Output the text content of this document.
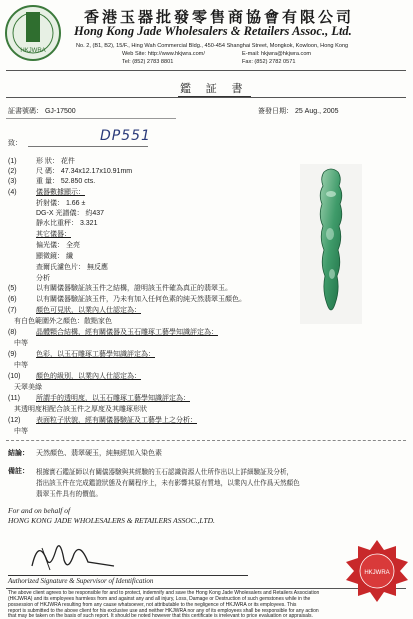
HKJWRA
香港玉器批發零售商協會有限公司
Hong Kong Jade Wholesalers & Retailers Assoc., Ltd.
No. 2, (B1, B2), 15/F., Hing Wah Commercial Bldg., 450-454 Shanghai Street, Mongkok, Kowloon, Hong Kong
Web Site: http://www.hkjwra.com/	E-mail: hkjwra@hkjwra.com
Tel: (852) 2783 8801	Fax: (852) 2782 0571
鑑 証 書
証書號碼： GJ-17500	簽發日期： 25 Aug., 2005
致：	DP551
(1)	形 狀： 花件
(2)	尺 碼： 47.34x12.17x10.91mm
(3)	重 量： 52.850 cts.
(4)	儀器數據顯示：
折射儀： 1.66 ±
DG-X 光譜儀： 約437
靜水比重秤： 3.321
其它儀器：
偏光儀： 全亮
顯微鏡： 纖
查爾氏濾色片： 無反應
分析
(5)	以有關儀器驗証該玉件之結構，證明該玉件確為真正的翡翠玉。
(6)	以有關儀器驗証該玉件，乃未有加入任何色素的純天然翡翠玉顏色。
(7)	顏色可見狀，以業內人仕認定為：
有白色範圍外之顏色：散點家色
(8)	晶體顆合結構，經有關儀器及玉石雕琢工藝學知識評定為：
中等
(9)	色彩，以玉石雕琢工藝學知識評定為：
中等
(10) 顏色的級別，以業內人仕認定為：
天翠美綠
(11) 所謂手的透明度，以玉石雕琢工藝學知識評定為：
其透明度相配合該玉件之厚度及其雕琢形狀
(12) 表面粒子狀貌，經有關儀器驗証及工藝學上之分析：
中等
結論： 天然顏色、翡翠硬玉，純無經加入染色素
備註： 根據實石鑑証師以有關儀器驗與其經驗的玉石認識資源人仕所作出以上詳細驗証及分析，
指出該玉件在完成鑑證狀態及有關程序上，未有影響其原有質地，以業內人仕作爲天然顏色
翡翠玉件具有的價值。
For and on behalf of
HONG KONG JADE WHOLESALERS & RETAILERS ASSOC.,LTD.
Authorized Signature & Supervisor of Identification
The above client agrees to be responsible for and to protect, indemnify and save the Hong Kong Jade Wholesalers and Retailers Association
(HKJWRA) and its employees harmless from and against any and all injury, Loss, Damage or Destruction of such gemstones while in the
possession of HKJWRA resulting from any cause whatsoever, not attributable to the negligence of HKJWRA or its employees. This
report is submitted to the above client for his exclusive use and neither HKJWRA nor any of its employees shall be responsible for any action
that may be taken on the basis of such report. It should be noted however that this certificate is irrelevant to price evaluation or appraisals.
HKJWRA
